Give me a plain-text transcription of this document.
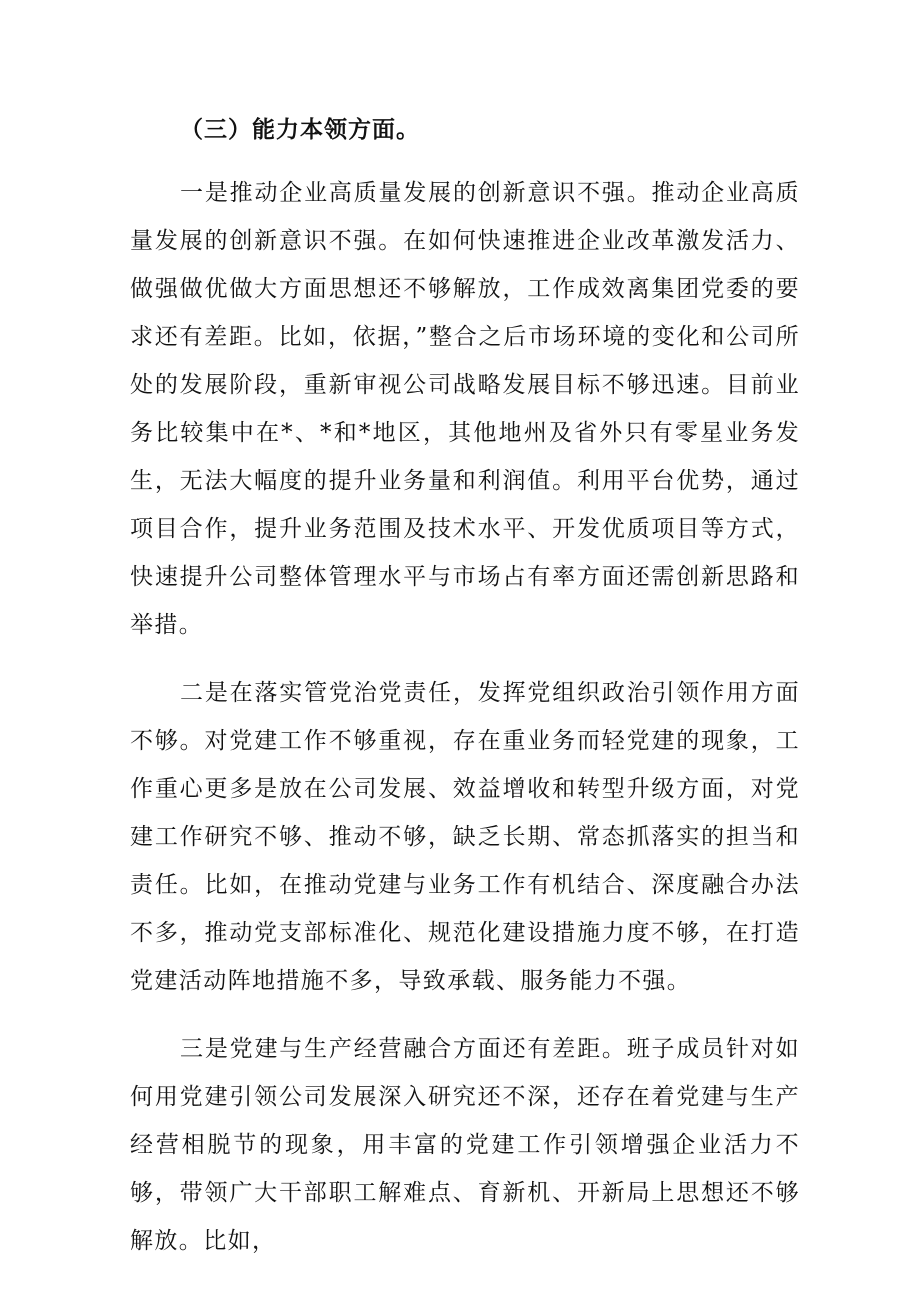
（三）能力本领方面。

一是推动企业高质量发展的创新意识不强。推动企业高质量发展的创新意识不强。在如何快速推进企业改革激发活力、做强做优做大方面思想还不够解放，工作成效离集团党委的要求还有差距。比如，依据，”整合之后市场环境的变化和公司所处的发展阶段，重新审视公司战略发展目标不够迅速。目前业务比较集中在*、*和*地区，其他地州及省外只有零星业务发生，无法大幅度的提升业务量和利润值。利用平台优势，通过项目合作，提升业务范围及技术水平、开发优质项目等方式，快速提升公司整体管理水平与市场占有率方面还需创新思路和举措。

二是在落实管党治党责任，发挥党组织政治引领作用方面不够。对党建工作不够重视，存在重业务而轻党建的现象，工作重心更多是放在公司发展、效益增收和转型升级方面，对党建工作研究不够、推动不够，缺乏长期、常态抓落实的担当和责任。比如，在推动党建与业务工作有机结合、深度融合办法不多，推动党支部标准化、规范化建设措施力度不够，在打造党建活动阵地措施不多，导致承载、服务能力不强。

三是党建与生产经营融合方面还有差距。班子成员针对如何用党建引领公司发展深入研究还不深，还存在着党建与生产经营相脱节的现象，用丰富的党建工作引领增强企业活力不够，带领广大干部职工解难点、育新机、开新局上思想还不够解放。比如，
